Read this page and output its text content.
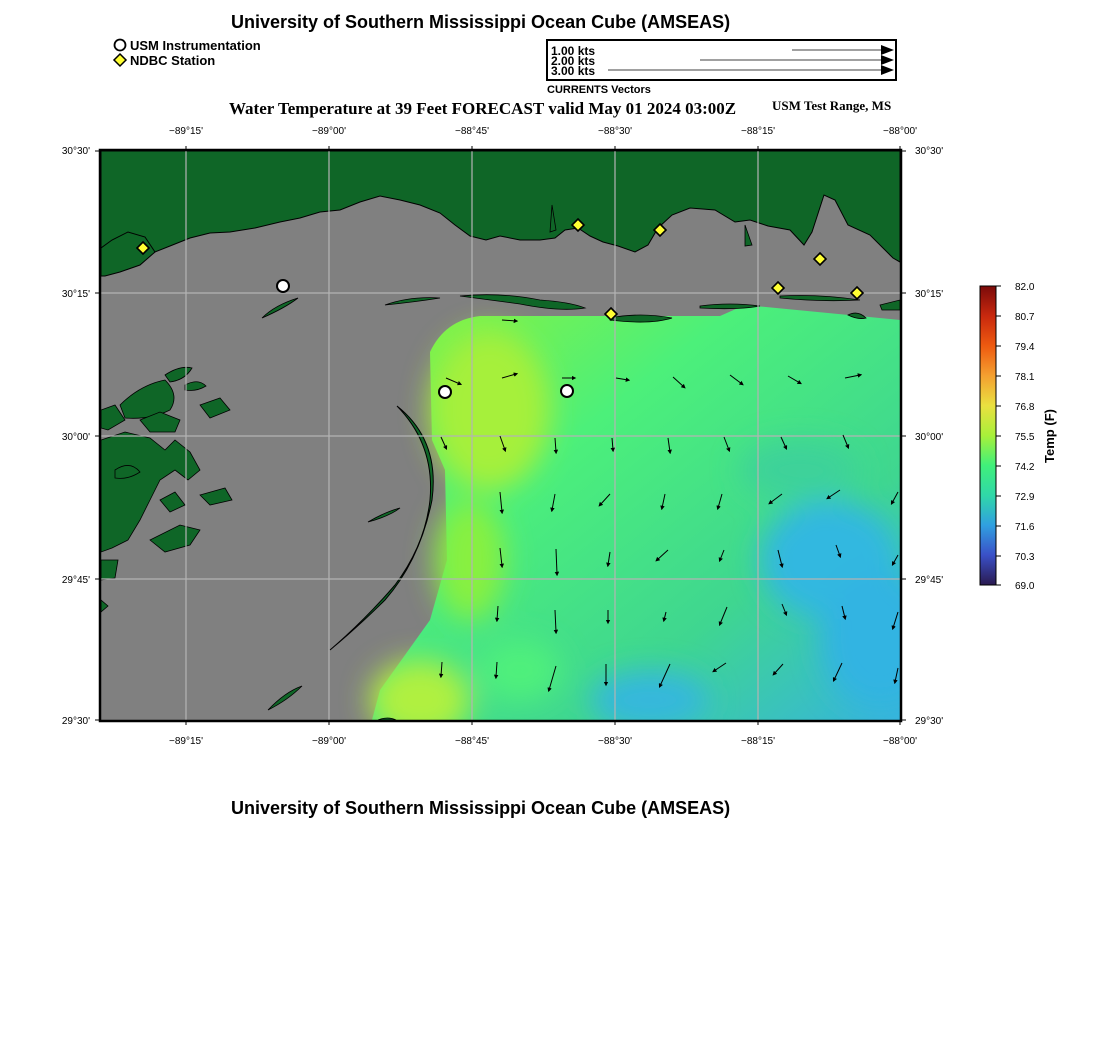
University of Southern Mississippi Ocean Cube (AMSEAS)
USM Instrumentation
NDBC Station
1.00 kts
2.00 kts
3.00 kts
CURRENTS Vectors
Water Temperature at 39 Feet FORECAST valid May 01 2024 03:00Z	USM Test Range, MS
−89°15'	−89°00'	−88°45'	−88°30'	−88°15'	−88°00'
−89°15'	−89°00'	−88°45'	−88°30'	−88°15'	−88°00'
30°30'
30°15'
30°00'
29°45'
29°30'
30°30'
30°15'
30°00'
29°45'
29°30'
82.0
80.7
79.4
78.1
76.8
75.5
74.2
72.9
71.6
70.3
69.0
Temp (F)
University of Southern Mississippi Ocean Cube (AMSEAS)
